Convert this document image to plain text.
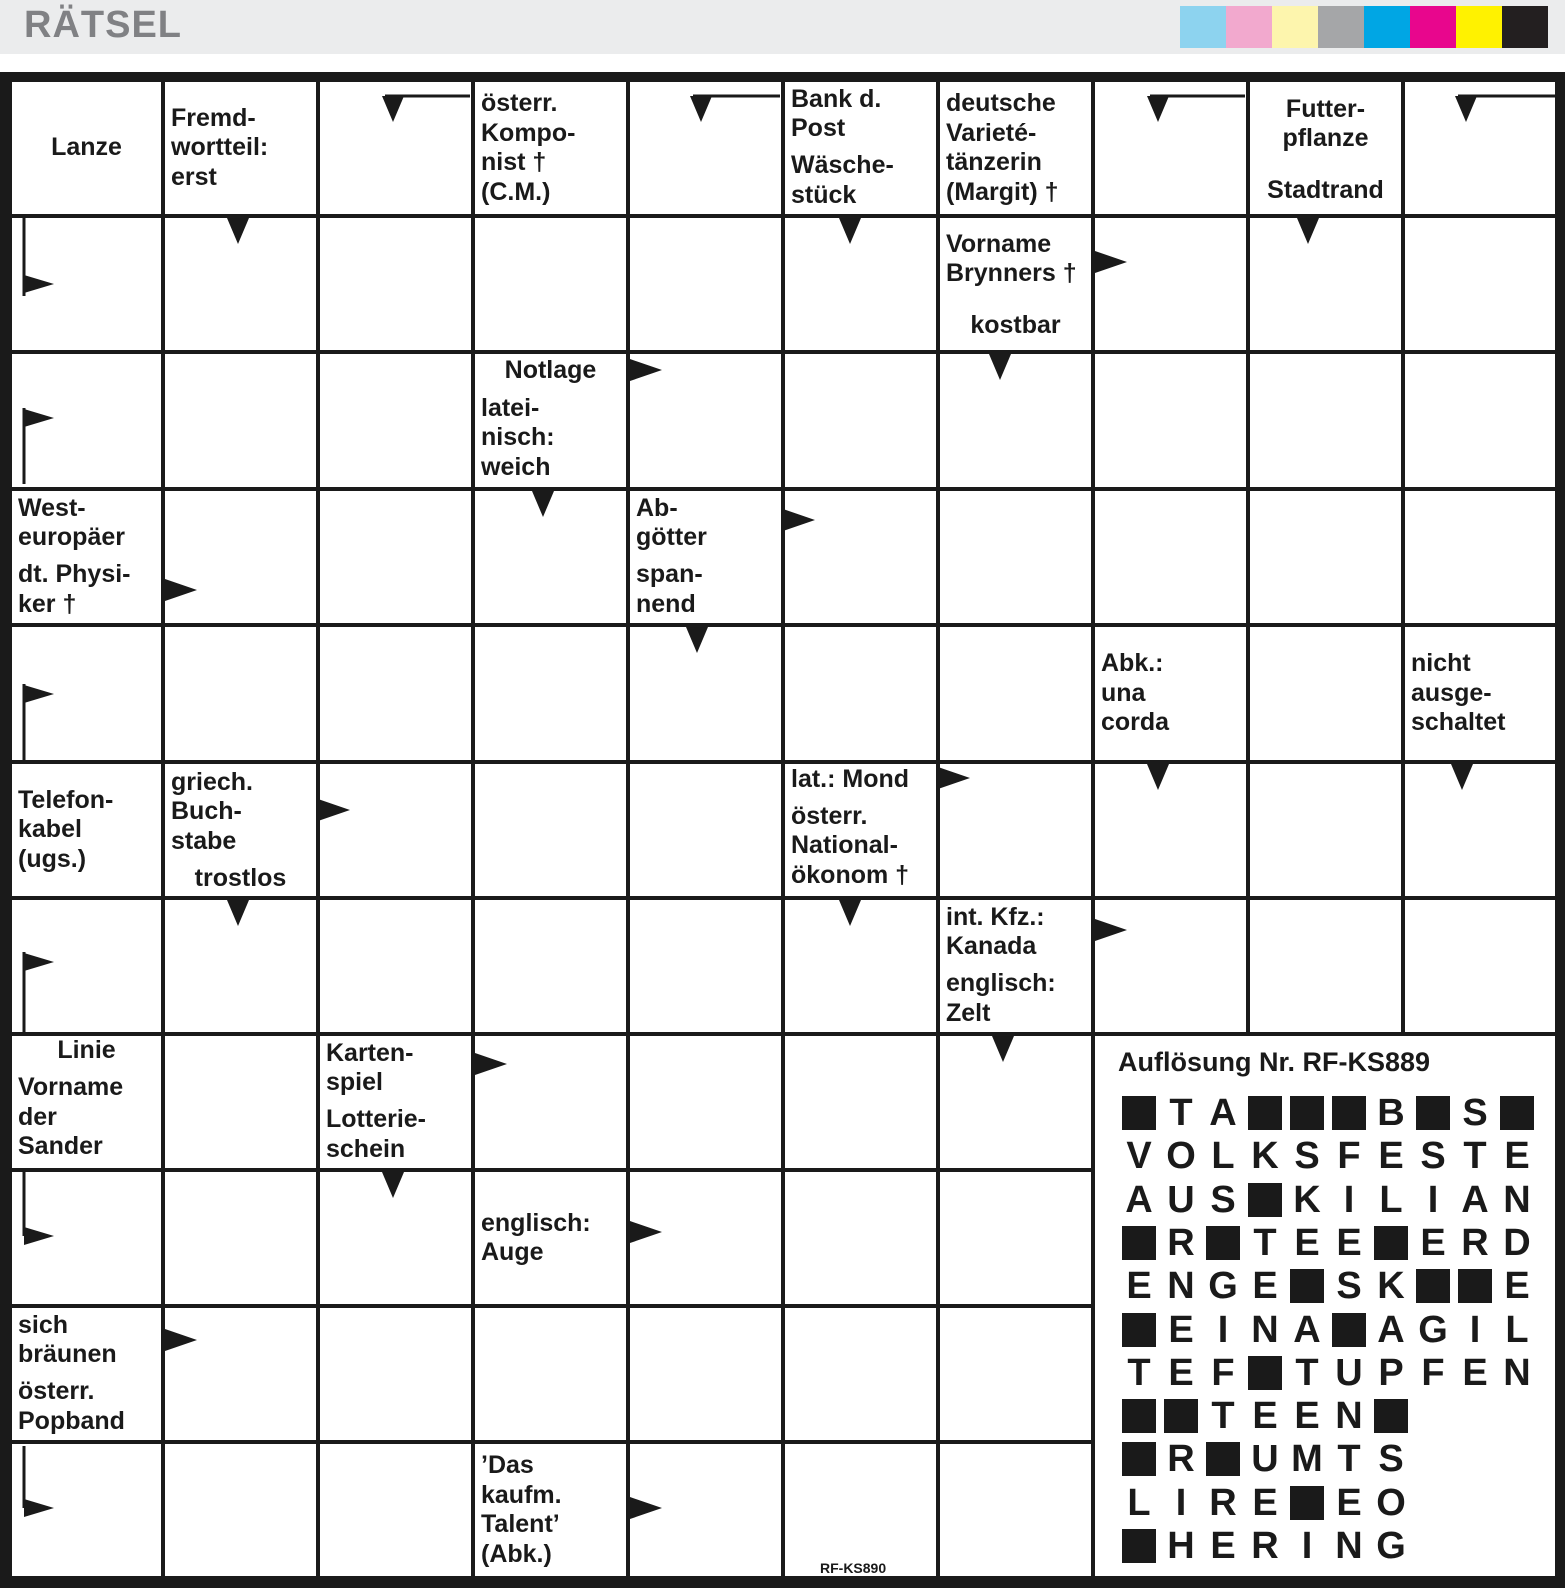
RÄTSEL
Lanze
Fremd-
wortteil:
erst
österr.
Kompo-
nist †
(C.M.)
Bank d.
Post
Wäsche-
stück
deutsche
Varieté-
tänzerin
(Margit) †
Futter-
pflanze
Stadtrand
Vorname
Brynners †
kostbar
Notlage
latei-
nisch:
weich
West-
europäer
dt. Physi-
ker †
Ab-
götter
span-
nend
Abk.:
una
corda
nicht
ausge-
schaltet
Telefon-
kabel
(ugs.)
griech.
Buch-
stabe
trostlos
lat.: Mond
österr.
National-
ökonom †
int. Kfz.:
Kanada
englisch:
Zelt
Linie
Vorname
der
Sander
Karten-
spiel
Lotterie-
schein
englisch:
Auge
sich
bräunen
österr.
Popband
’Das
kaufm.
Talent’
(Abk.)
Auflösung Nr. RF-KS889
T A	B S
V O L K S F E S T E
A U S K I L I A N
R T E E E R D
E N G E S K	E
E I N A A G I L
T E F T U P F E N
T E E N
R U M T S
L I R E E O
H E R I N G
RF-KS890
